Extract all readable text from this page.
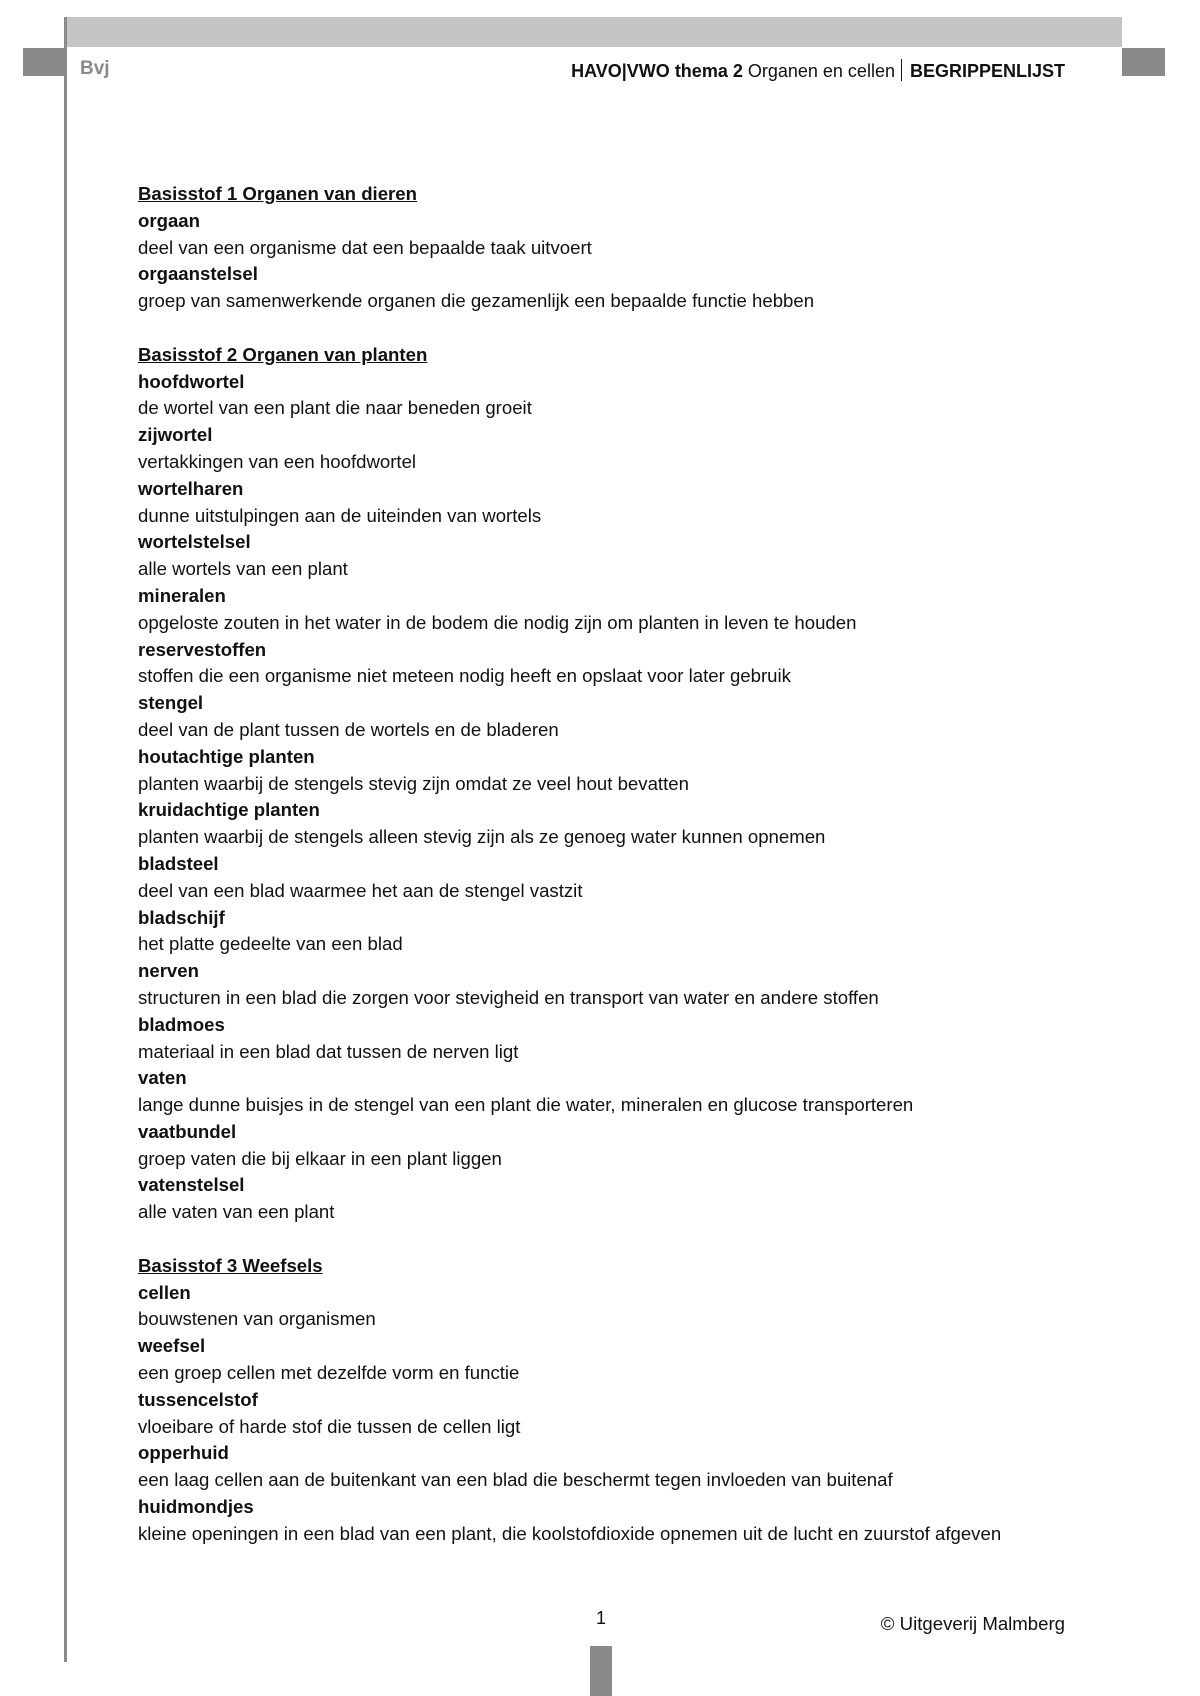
Bvj	HAVO|VWO thema 2 Organen en cellen BEGRIPPENLIJST
Basisstof 1 Organen van dieren
orgaan
deel van een organisme dat een bepaalde taak uitvoert
orgaanstelsel
groep van samenwerkende organen die gezamenlijk een bepaalde functie hebben
Basisstof 2 Organen van planten
hoofdwortel
de wortel van een plant die naar beneden groeit
zijwortel
vertakkingen van een hoofdwortel
wortelharen
dunne uitstulpingen aan de uiteinden van wortels
wortelstelsel
alle wortels van een plant
mineralen
opgeloste zouten in het water in de bodem die nodig zijn om planten in leven te houden
reservestoffen
stoffen die een organisme niet meteen nodig heeft en opslaat voor later gebruik
stengel
deel van de plant tussen de wortels en de bladeren
houtachtige planten
planten waarbij de stengels stevig zijn omdat ze veel hout bevatten
kruidachtige planten
planten waarbij de stengels alleen stevig zijn als ze genoeg water kunnen opnemen
bladsteel
deel van een blad waarmee het aan de stengel vastzit
bladschijf
het platte gedeelte van een blad
nerven
structuren in een blad die zorgen voor stevigheid en transport van water en andere stoffen
bladmoes
materiaal in een blad dat tussen de nerven ligt
vaten
lange dunne buisjes in de stengel van een plant die water, mineralen en glucose transporteren
vaatbundel
groep vaten die bij elkaar in een plant liggen
vatenstelsel
alle vaten van een plant
Basisstof 3 Weefsels
cellen
bouwstenen van organismen
weefsel
een groep cellen met dezelfde vorm en functie
tussencelstof
vloeibare of harde stof die tussen de cellen ligt
opperhuid
een laag cellen aan de buitenkant van een blad die beschermt tegen invloeden van buitenaf
huidmondjes
kleine openingen in een blad van een plant, die koolstofdioxide opnemen uit de lucht en zuurstof afgeven
1	© Uitgeverij Malmberg
